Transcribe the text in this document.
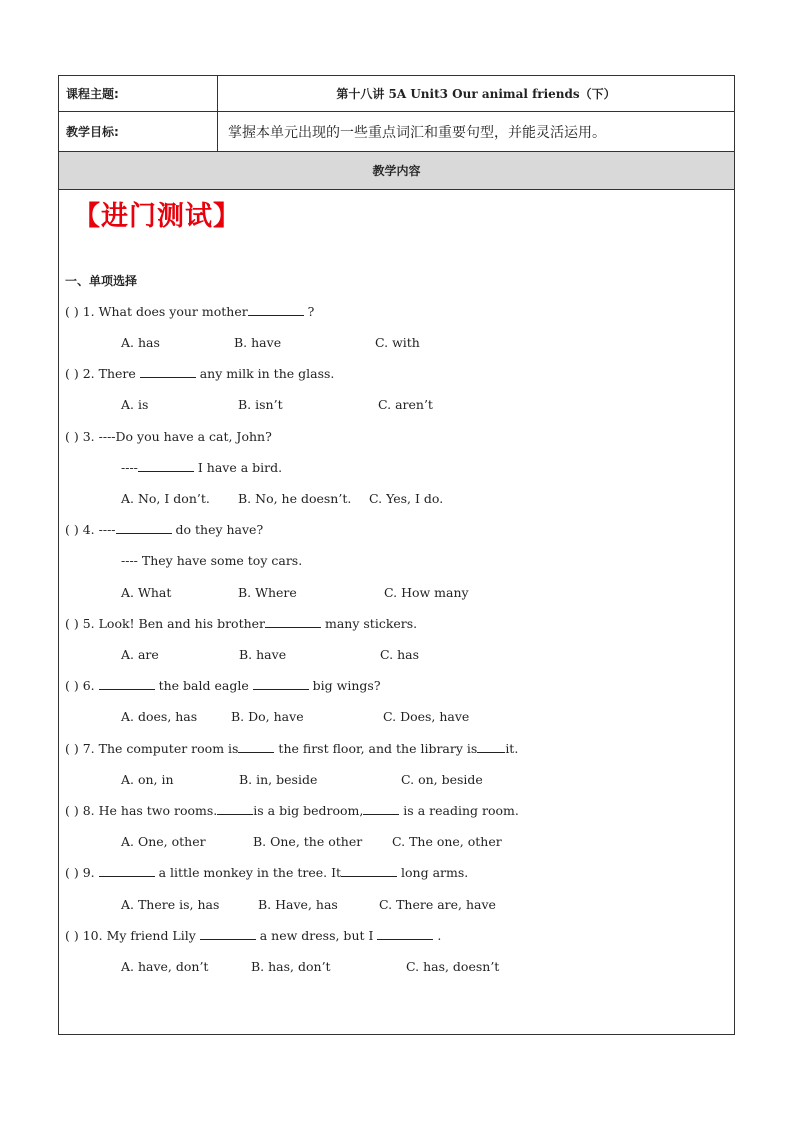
课程主题:	第十八讲 5A Unit3 Our animal friends（下）
教学目标:	掌握本单元出现的一些重点词汇和重要句型，并能灵活运用。
教学内容
【进门测试】
一、单项选择
( ) 1. What does your mother	?
A. has	B. have	C. with
( ) 2. There	any milk in the glass.
A. is	B. isn’t	C. aren’t
( ) 3. ----Do you have a cat, John?
----	I have a bird.
A. No, I don’t. B. No, he doesn’t. C. Yes, I do.
( ) 4. ----	do they have?
---- They have some toy cars.
A. What	B. Where	C. How many
( ) 5. Look! Ben and his brother	many stickers.
A. are	B. have	C. has
( ) 6.	the bald eagle	big wings?
A. does, has	B. Do, have	C. Does, have
( ) 7. The computer room is	the first floor, and the library is it.
A. on, in	B. in, beside	C. on, beside
( ) 8. He has two rooms.	is a big bedroom,	is a reading room.
A. One, other	B. One, the other C. The one, other
( ) 9.	a little monkey in the tree. It	long arms.
A. There is, has	B. Have, has	C. There are, have
( ) 10. My friend Lily	a new dress, but I	.
A. have, don’t	B. has, don’t	C. has, doesn’t
